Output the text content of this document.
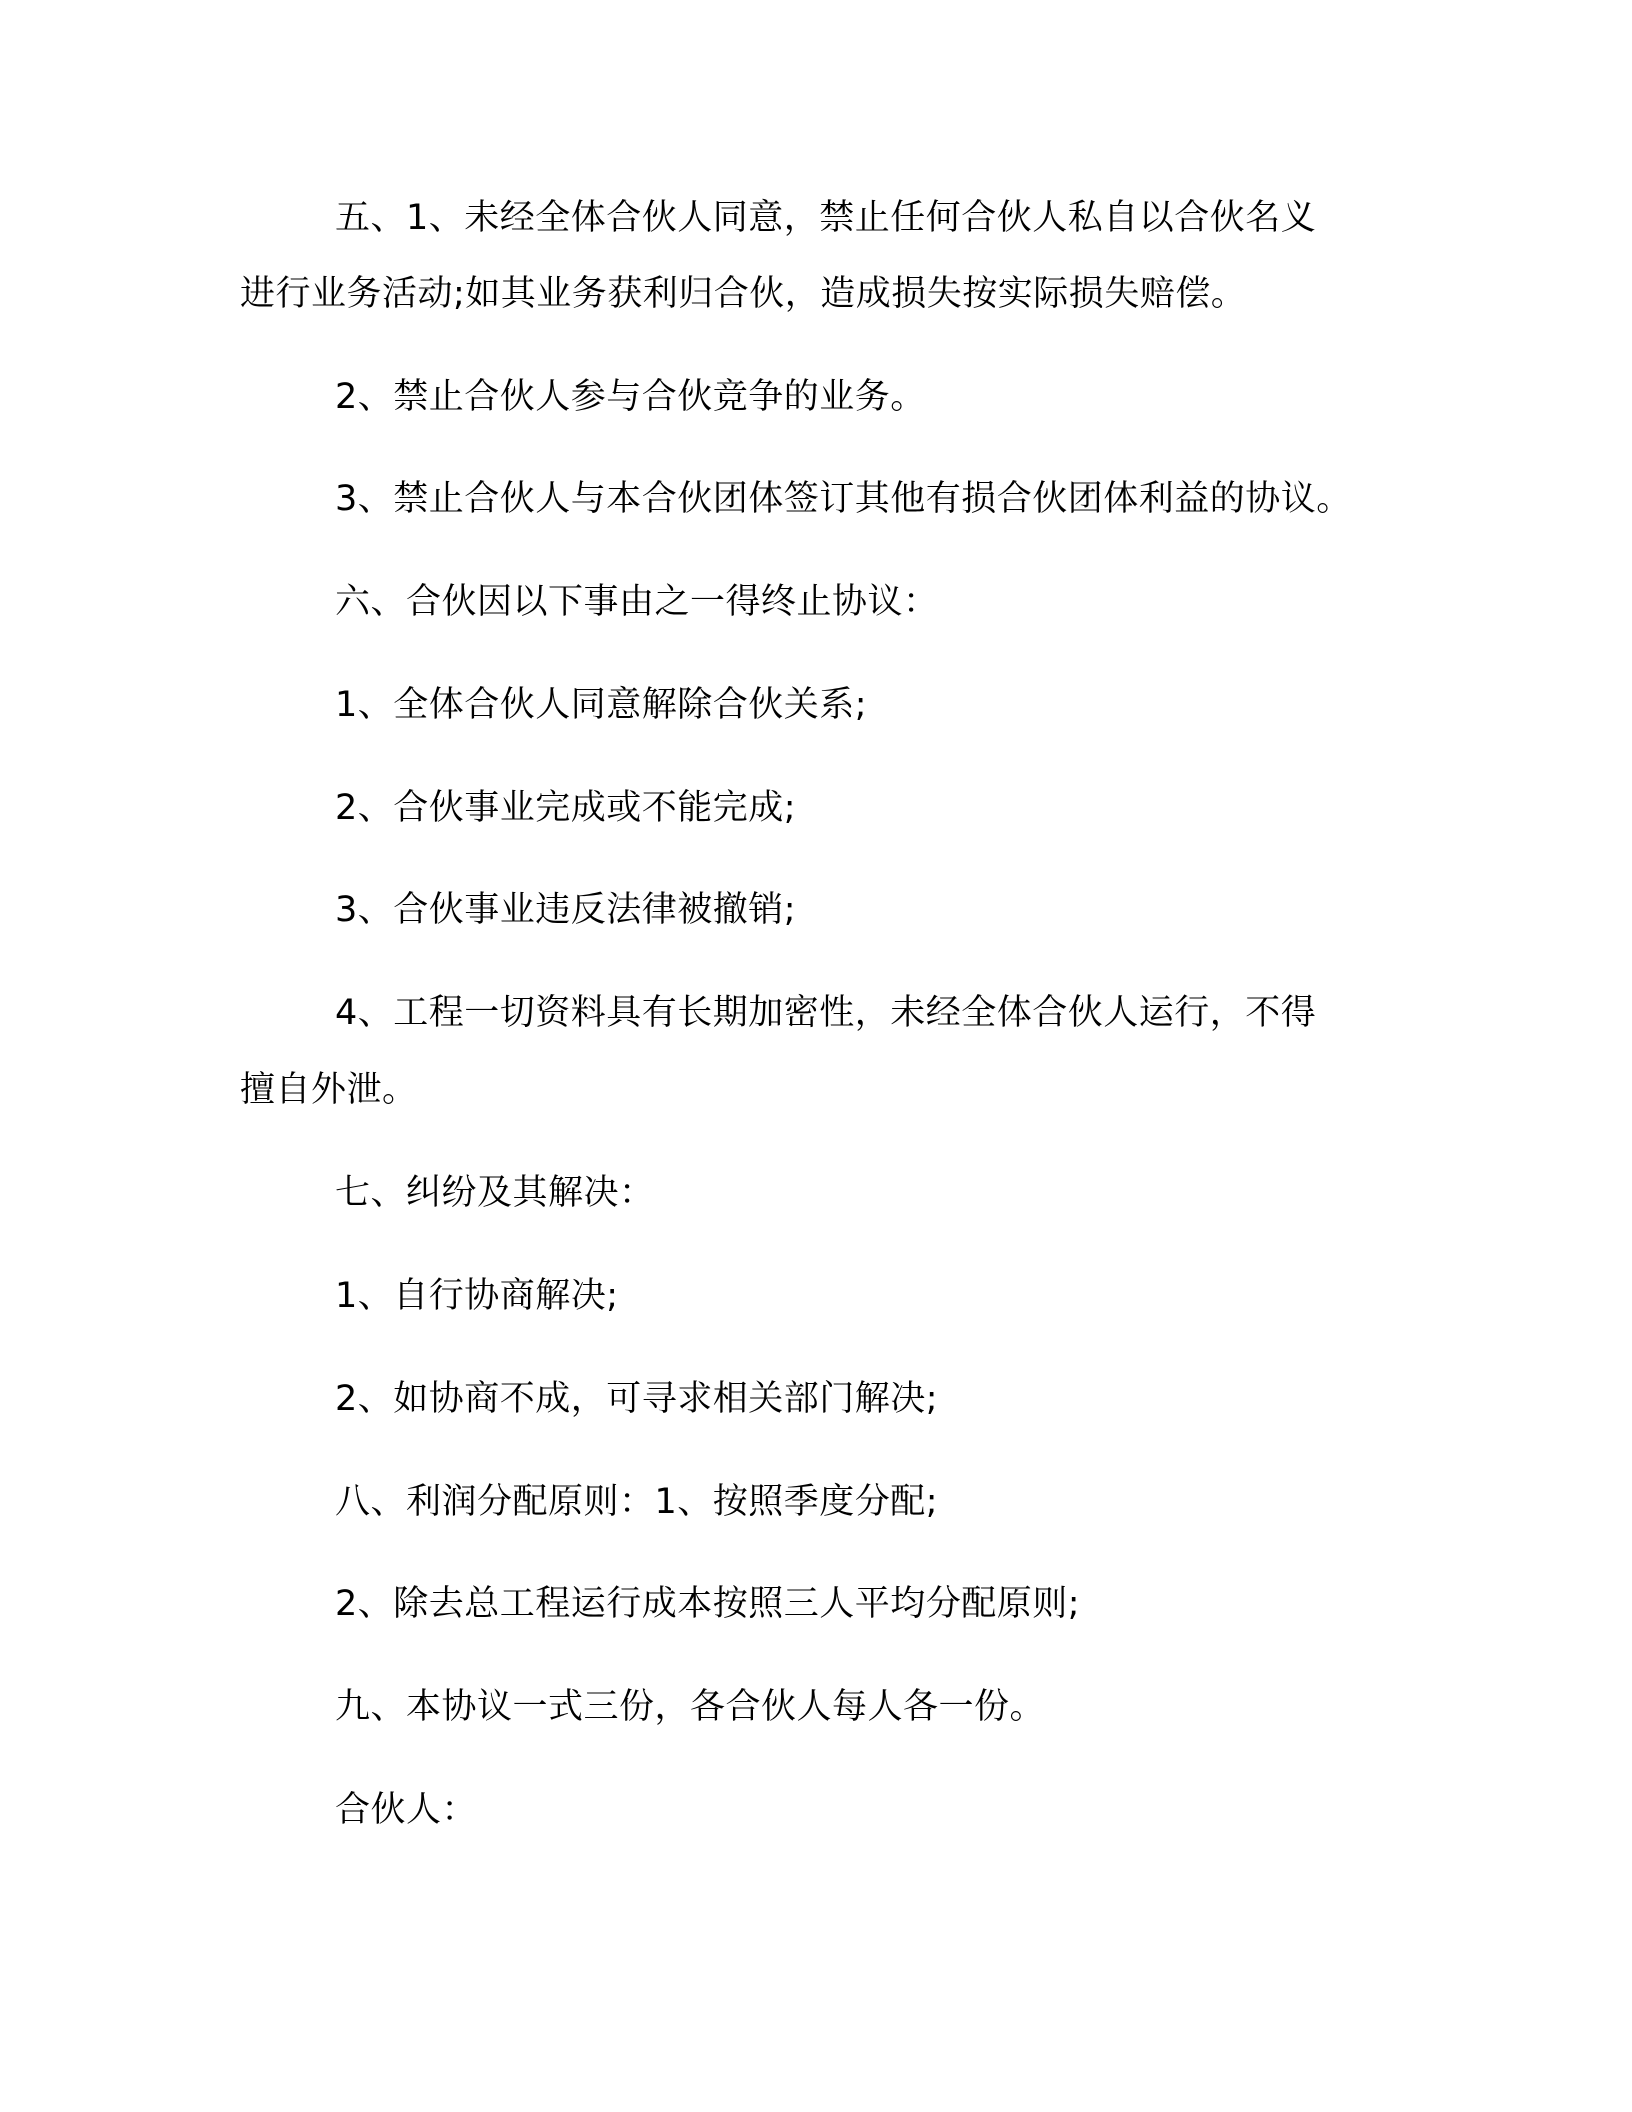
五、1、未经全体合伙人同意，禁止任何合伙人私自以合伙名义

进行业务活动;如其业务获利归合伙，造成损失按实际损失赔偿。

2、禁止合伙人参与合伙竞争的业务。

3、禁止合伙人与本合伙团体签订其他有损合伙团体利益的协议。

六、合伙因以下事由之一得终止协议：

1、全体合伙人同意解除合伙关系;

2、合伙事业完成或不能完成;

3、合伙事业违反法律被撤销;

4、工程一切资料具有长期加密性，未经全体合伙人运行，不得

擅自外泄。

七、纠纷及其解决：

1、自行协商解决;

2、如协商不成，可寻求相关部门解决;

八、利润分配原则：1、按照季度分配;

2、除去总工程运行成本按照三人平均分配原则;

九、本协议一式三份，各合伙人每人各一份。

合伙人：
